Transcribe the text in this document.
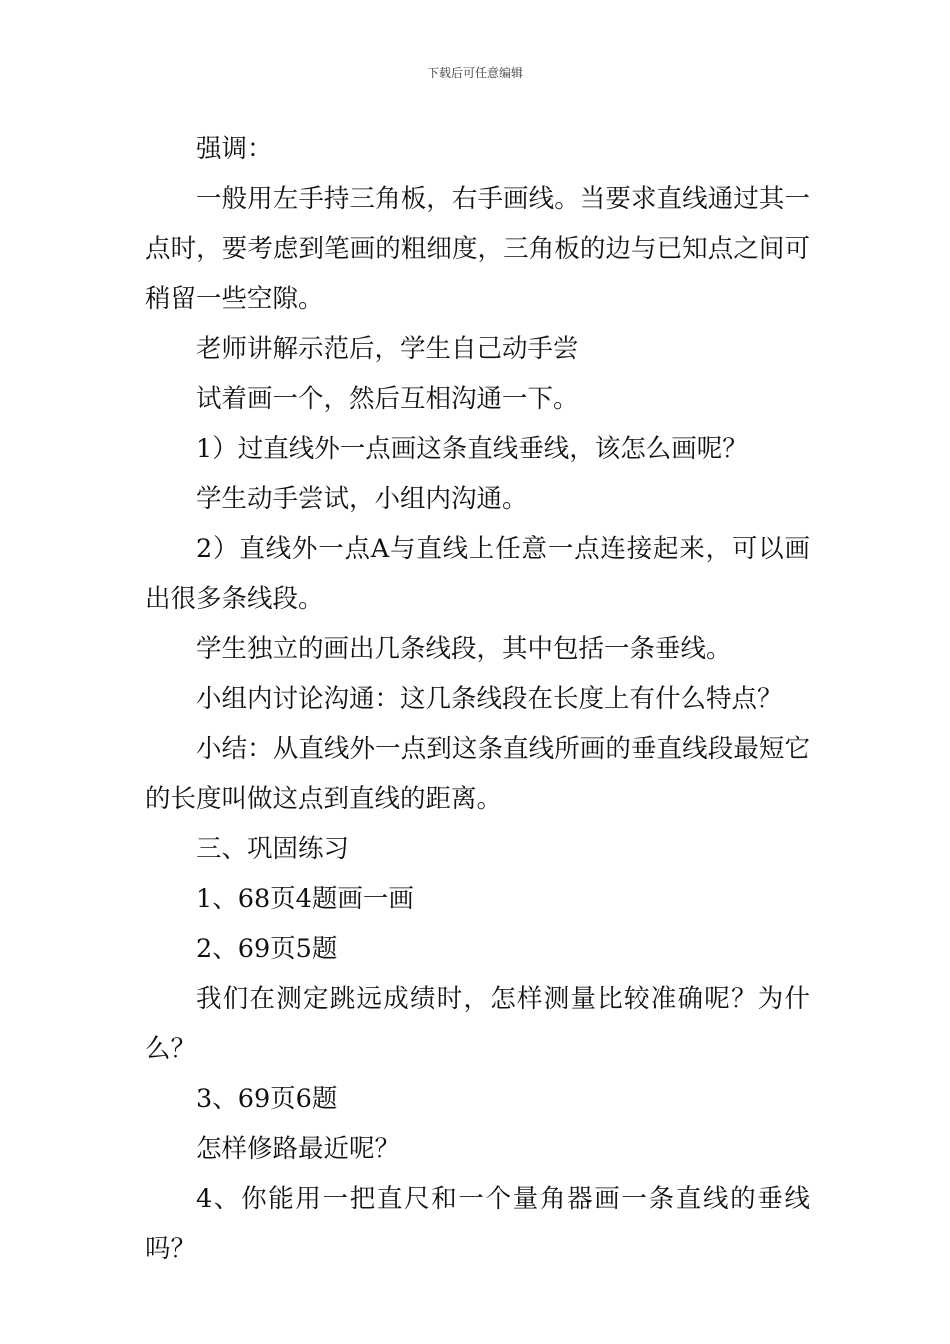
下载后可任意编辑

强调：

一般用左手持三角板，右手画线。当要求直线通过其一点时，要考虑到笔画的粗细度，三角板的边与已知点之间可稍留一些空隙。

老师讲解示范后，学生自己动手尝

试着画一个，然后互相沟通一下。

1）过直线外一点画这条直线垂线，该怎么画呢？

学生动手尝试，小组内沟通。

2）直线外一点A与直线上任意一点连接起来，可以画出很多条线段。

学生独立的画出几条线段，其中包括一条垂线。

小组内讨论沟通：这几条线段在长度上有什么特点？

小结：从直线外一点到这条直线所画的垂直线段最短它的长度叫做这点到直线的距离。

三、巩固练习

1、68页4题画一画

2、69页5题

我们在测定跳远成绩时，怎样测量比较准确呢？为什么？

3、69页6题

怎样修路最近呢？

4、你能用一把直尺和一个量角器画一条直线的垂线吗？
